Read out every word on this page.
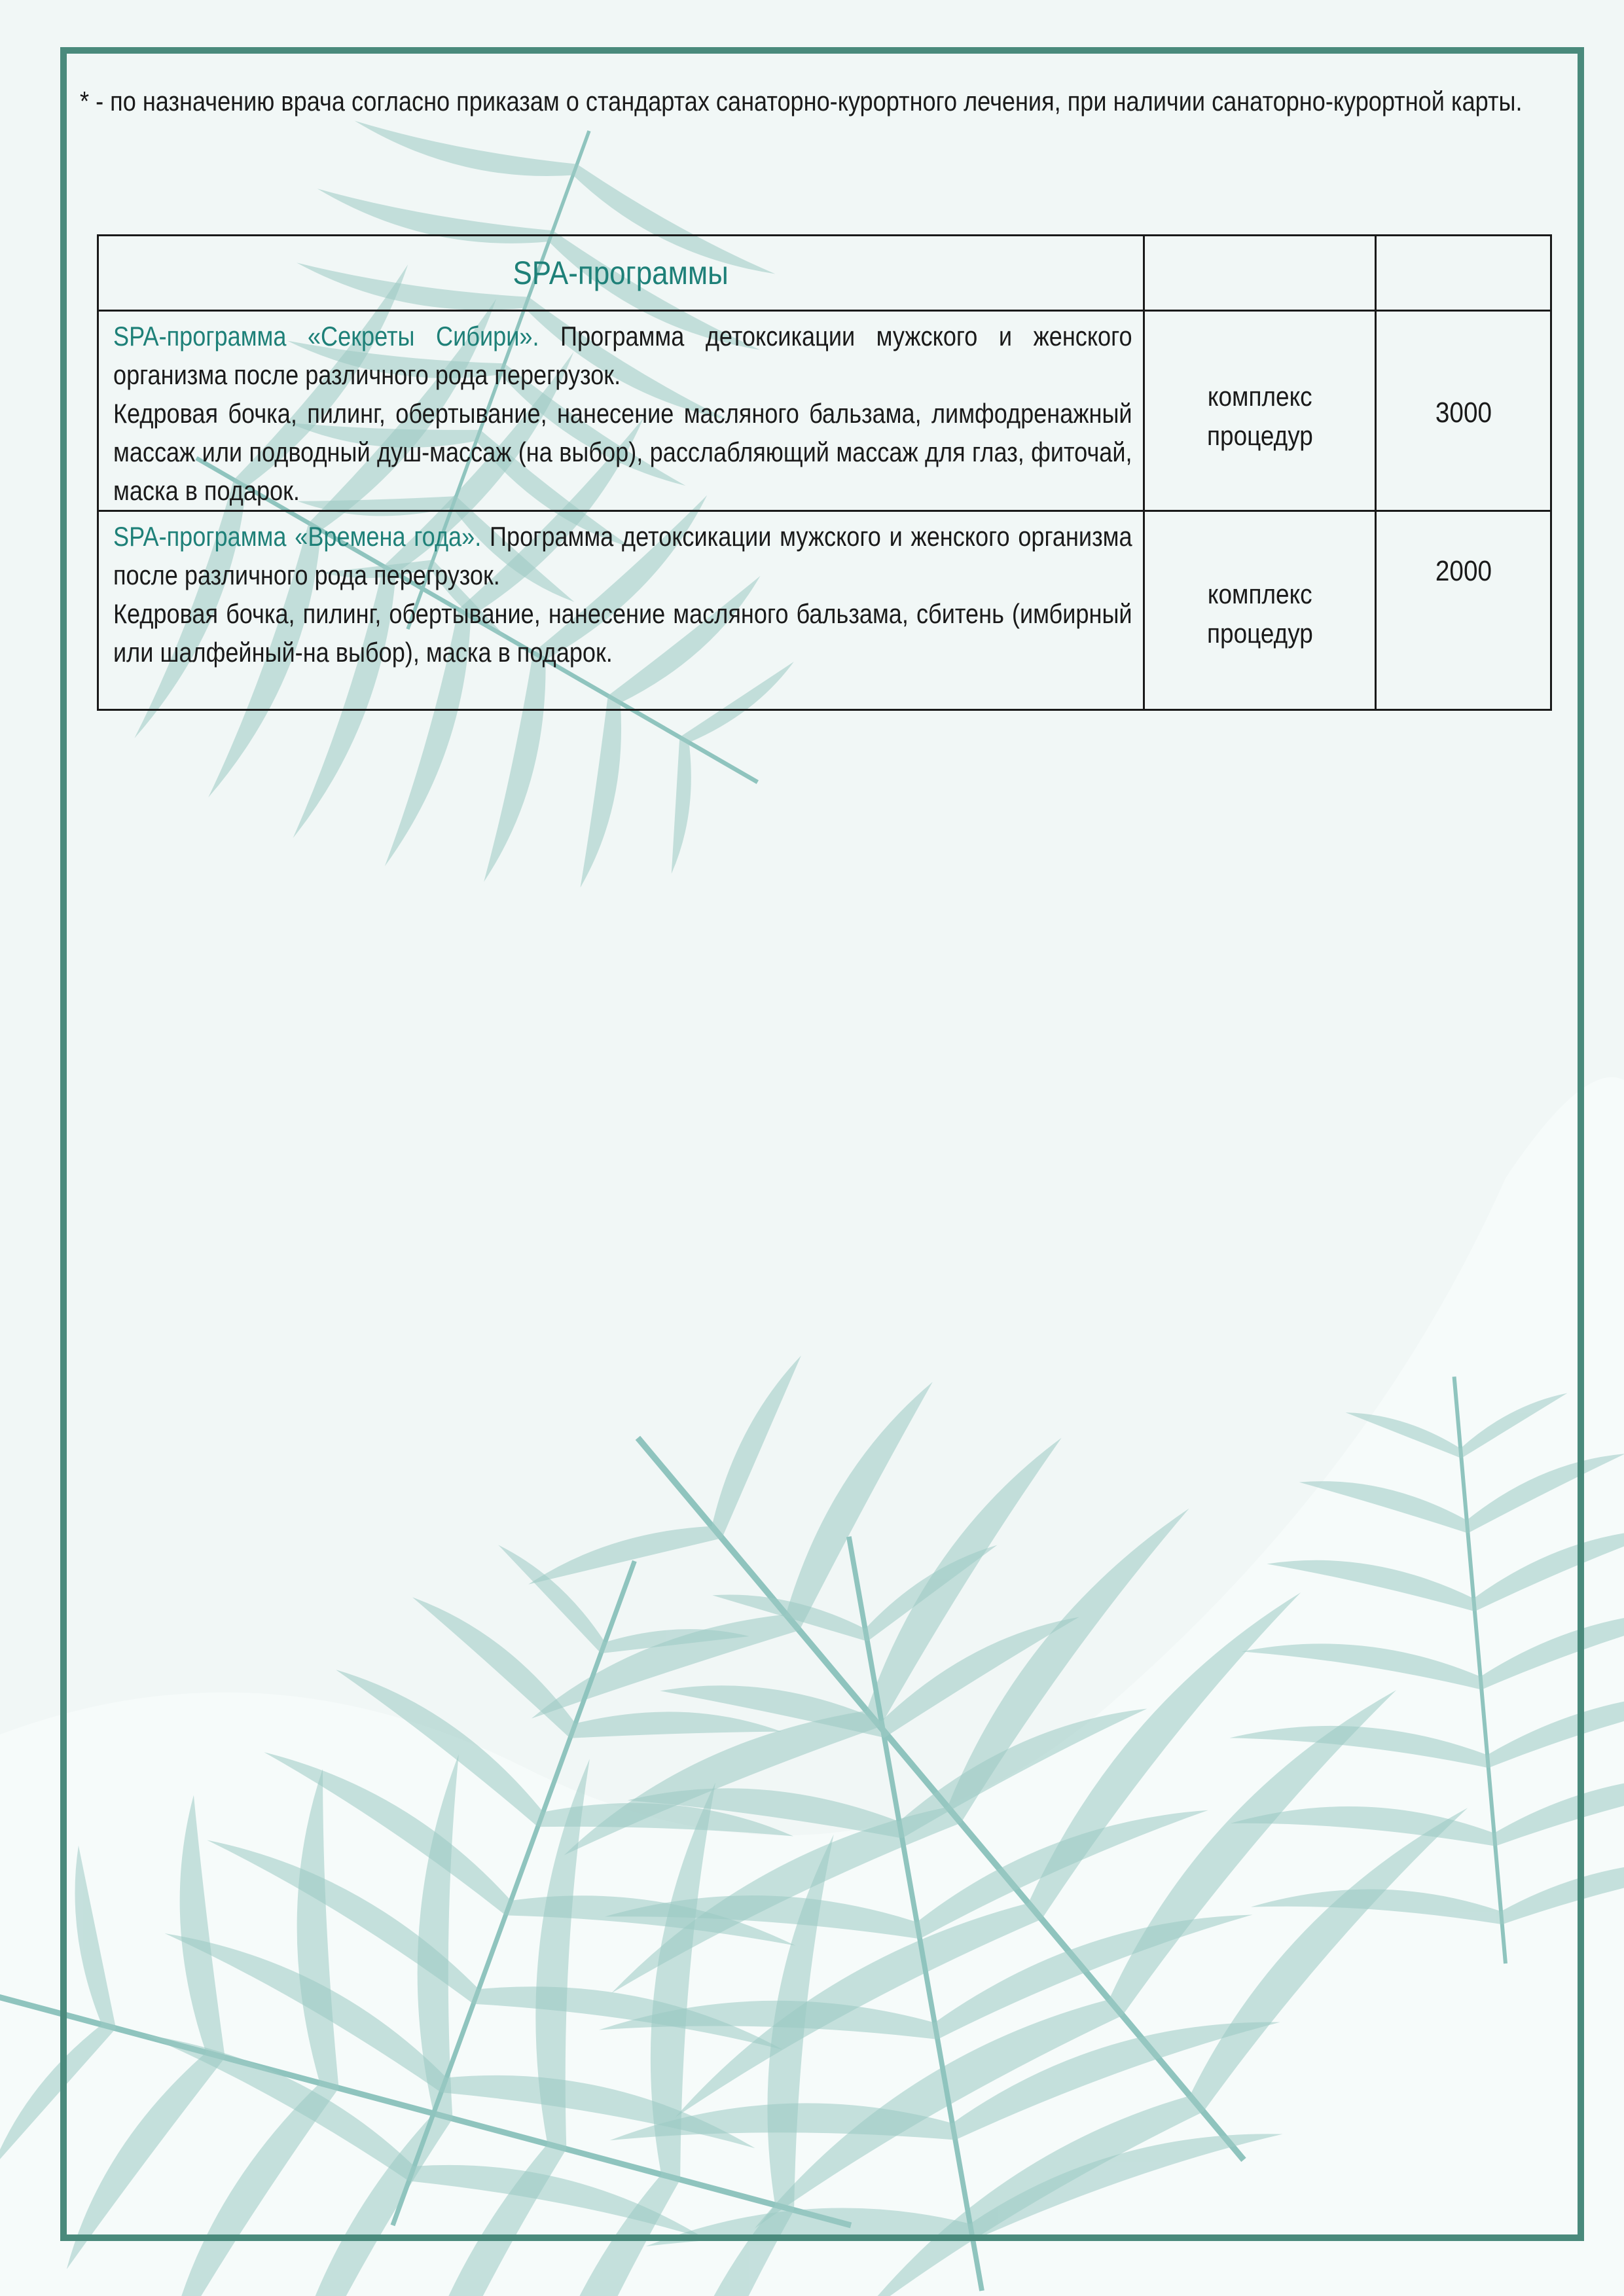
* - по назначению врача согласно приказам о стандартах санаторно-курортного лечения, при наличии санаторно-курортной карты.
SPA-программы		

SPA-программа «Секреты Сибири». Программа детоксикации мужского и женского организма после различного рода перегрузок.
Кедровая бочка, пилинг, обертывание, нанесение масляного бальзама, лимфодренажный массаж или подводный душ-массаж (на выбор), расслабляющий массаж для глаз, фиточай, маска в подарок.	комплекс
процедур	3000

SPA-программа «Времена года». Программа детоксикации мужского и женского организма после различного рода перегрузок.
Кедровая бочка, пилинг, обертывание, нанесение масляного бальзама, сбитень (имбирный или шалфейный-на выбор), маска в подарок.	комплекс
процедур	2000
